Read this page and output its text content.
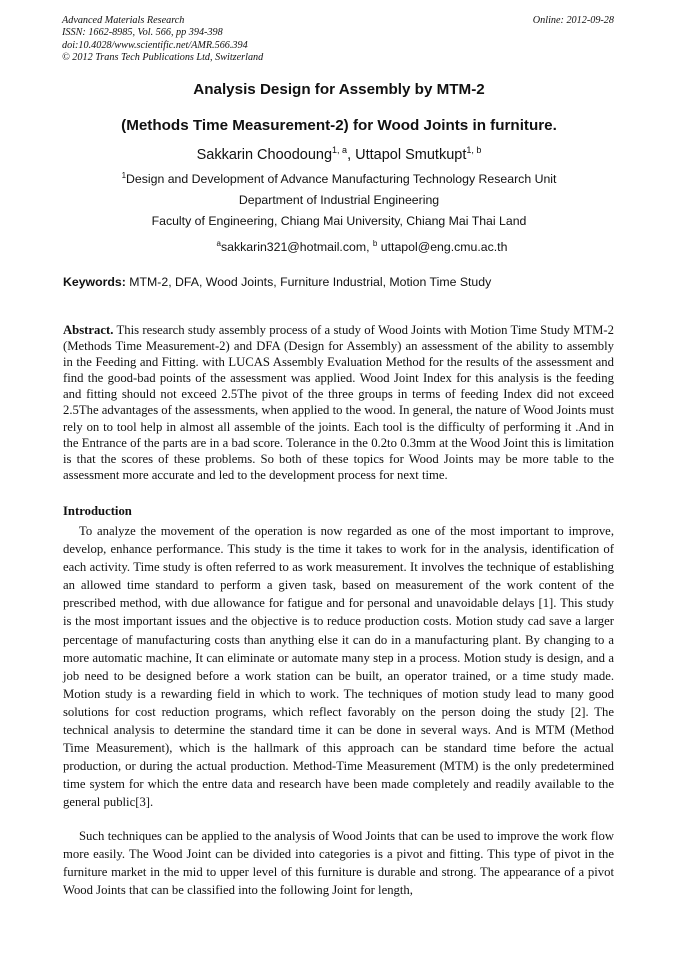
Advanced Materials Research
ISSN: 1662-8985, Vol. 566, pp 394-398
doi:10.4028/www.scientific.net/AMR.566.394
© 2012 Trans Tech Publications Ltd, Switzerland
Online: 2012-09-28
Analysis Design for Assembly by MTM-2
(Methods Time Measurement-2) for Wood Joints in furniture.
Sakkarin Choodoung$^{1, a}$, Uttapol Smutkupt$^{1, b}$
$^1$Design and Development of Advance Manufacturing Technology Research Unit
Department of Industrial Engineering
Faculty of Engineering, Chiang Mai University, Chiang Mai Thai Land
$^a$sakkarin321@hotmail.com, $^b$ uttapol@eng.cmu.ac.th
Keywords: MTM-2, DFA, Wood Joints, Furniture Industrial, Motion Time Study

Abstract. This research study assembly process of a study of Wood Joints with Motion Time Study MTM-2 (Methods Time Measurement-2) and DFA (Design for Assembly) an assessment of the ability to assembly in the Feeding and Fitting. with LUCAS Assembly Evaluation Method for the results of the assessment and find the good-bad points of the assessment was applied. Wood Joint Index for this analysis is the feeding and fitting should not exceed 2.5The pivot of the three groups in terms of feeding Index did not exceed 2.5The advantages of the assessments, when applied to the wood. In general, the nature of Wood Joints must rely on to tool help in almost all assemble of the joints. Each tool is the difficulty of performing it .And in the Entrance of the parts are in a bad score. Tolerance in the 0.2to 0.3mm at the Wood Joint this is limitation is that the scores of these problems. So both of these topics for Wood Joints may be more table to the assessment more accurate and led to the development process for next time.

Introduction

To analyze the movement of the operation is now regarded as one of the most important to improve, develop, enhance performance. This study is the time it takes to work for in the analysis, identification of each activity. Time study is often referred to as work measurement. It involves the technique of establishing an allowed time standard to perform a given task, based on measurement of the work content of the prescribed method, with due allowance for fatigue and for personal and unavoidable delays [1]. This study is the most important issues and the objective is to reduce production costs. Motion study cad save a larger percentage of manufacturing costs than anything else it can do in a manufacturing plant. By changing to a more automatic machine, It can eliminate or automate many step in a process. Motion study is design, and a job need to be designed before a work station can be built, an operator trained, or a time study made. Motion study is a rewarding field in which to work. The techniques of motion study lead to many good solutions for cost reduction programs, which reflect favorably on the person doing the study [2]. The technical analysis to determine the standard time it can be done in several ways. And is MTM (Method Time Measurement), which is the hallmark of this approach can be standard time before the actual production, or during the actual production. Method-Time Measurement (MTM) is the only predetermined time system for which the entre data and research have been made completely and readily available to the general public[3].

Such techniques can be applied to the analysis of Wood Joints that can be used to improve the work flow more easily. The Wood Joint can be divided into categories is a pivot and fitting. This type of pivot in the furniture market in the mid to upper level of this furniture is durable and strong. The appearance of a pivot Wood Joints that can be classified into the following Joint for length,
